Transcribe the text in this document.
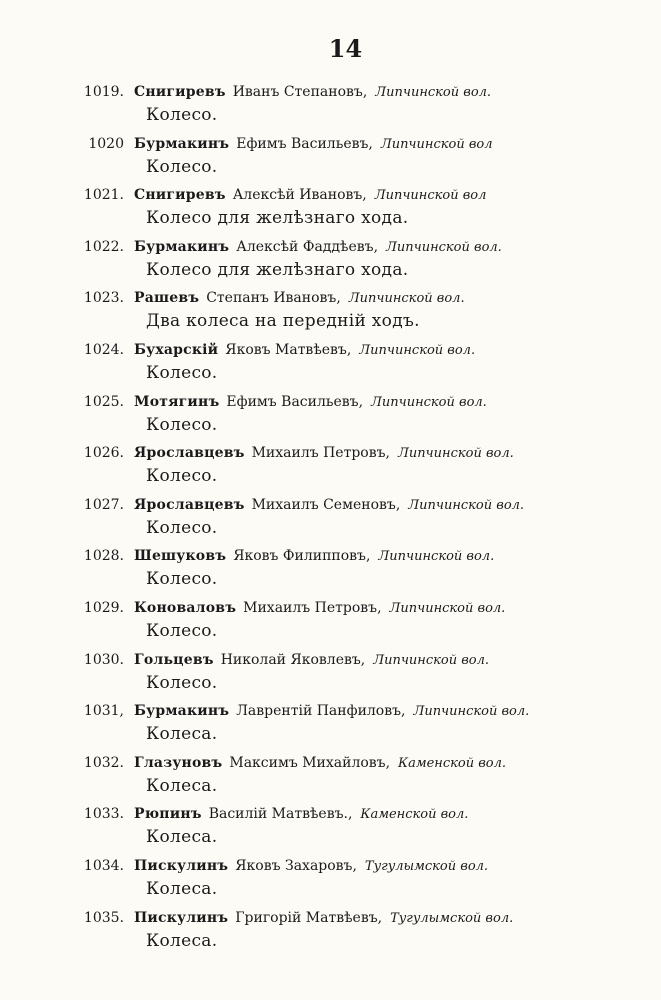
14
1019. Снигиревъ Иванъ Степановъ , Липчинской вол.
Колесо.
1020 Бурмакинъ Ефимъ Васильевъ , Липчинской вол
Колесо.
1021. Снигиревъ Алексѣй Ивановъ , Липчинской вол
Колесо для желѣзнаго хода.
1022. Бурмакинъ Алексѣй Фаддѣевъ , Липчинской вол.
Колесо для желѣзнаго хода.
1023. Рашевъ Степанъ Ивановъ , Липчинской вол.
Два колеса на передній ходъ.
1024. Бухарскій Яковъ Матвѣевъ , Липчинской вол.
Колесо.
1025. Мотягинъ Ефимъ Васильевъ , Липчинской вол.
Колесо.
1026. Ярославцевъ Михаилъ Петровъ , Липчинской вол.
Колесо.
1027. Ярославцевъ Михаилъ Семеновъ , Липчинской вол.
Колесо.
1028. Шешуковъ Яковъ Филипповъ , Липчинской вол.
Колесо.
1029. Коноваловъ Михаилъ Петровъ , Липчинской вол.
Колесо.
1030. Гольцевъ Николай Яковлевъ , Липчинской вол.
Колесо.
1031, Бурмакинъ Лаврентій Панфиловъ , Липчинской вол.
Колеса.
1032. Глазуновъ Максимъ Михайловъ , Каменской вол.
Колеса.
1033. Рюпинъ Василій Матвѣевъ. , Каменской вол.
Колеса.
1034. Пискулинъ Яковъ Захаровъ , Тугулымской вол.
Колеса.
1035. Пискулинъ Григорій Матвѣевъ , Тугулымской вол.
Колеса.
